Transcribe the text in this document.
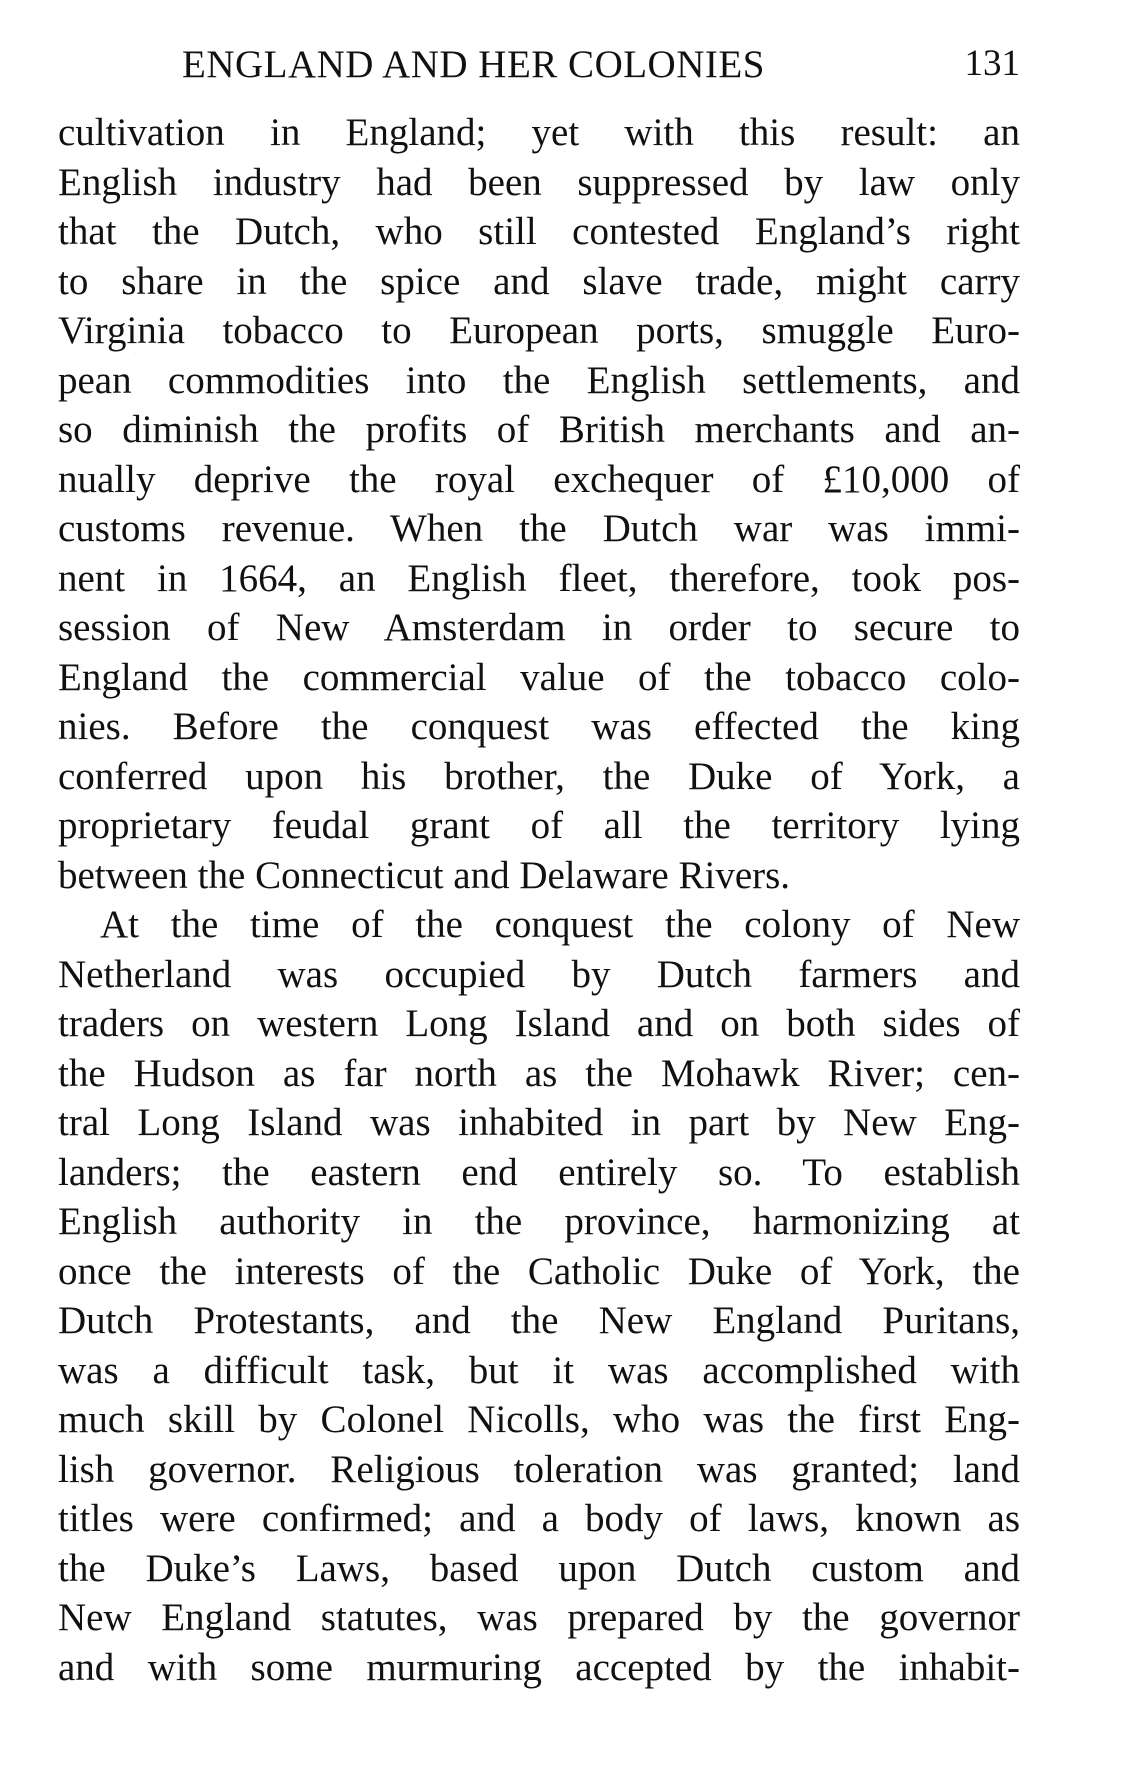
ENGLAND AND HER COLONIES	131
cultivation in England; yet with this result: an
English industry had been suppressed by law only
that the Dutch, who still contested England’s right
to share in the spice and slave trade, might carry
Virginia tobacco to European ports, smuggle Euro-
pean commodities into the English settlements, and
so diminish the profits of British merchants and an-
nually deprive the royal exchequer of £10,000 of
customs revenue. When the Dutch war was immi-
nent in 1664, an English fleet, therefore, took pos-
session of New Amsterdam in order to secure to
England the commercial value of the tobacco colo-
nies. Before the conquest was effected the king
conferred upon his brother, the Duke of York, a
proprietary feudal grant of all the territory lying
between the Connecticut and Delaware Rivers.
At the time of the conquest the colony of New
Netherland was occupied by Dutch farmers and
traders on western Long Island and on both sides of
the Hudson as far north as the Mohawk River; cen-
tral Long Island was inhabited in part by New Eng-
landers; the eastern end entirely so. To establish
English authority in the province, harmonizing at
once the interests of the Catholic Duke of York, the
Dutch Protestants, and the New England Puritans,
was a difficult task, but it was accomplished with
much skill by Colonel Nicolls, who was the first Eng-
lish governor. Religious toleration was granted; land
titles were confirmed; and a body of laws, known as
the Duke’s Laws, based upon Dutch custom and
New England statutes, was prepared by the governor
and with some murmuring accepted by the inhabit-
